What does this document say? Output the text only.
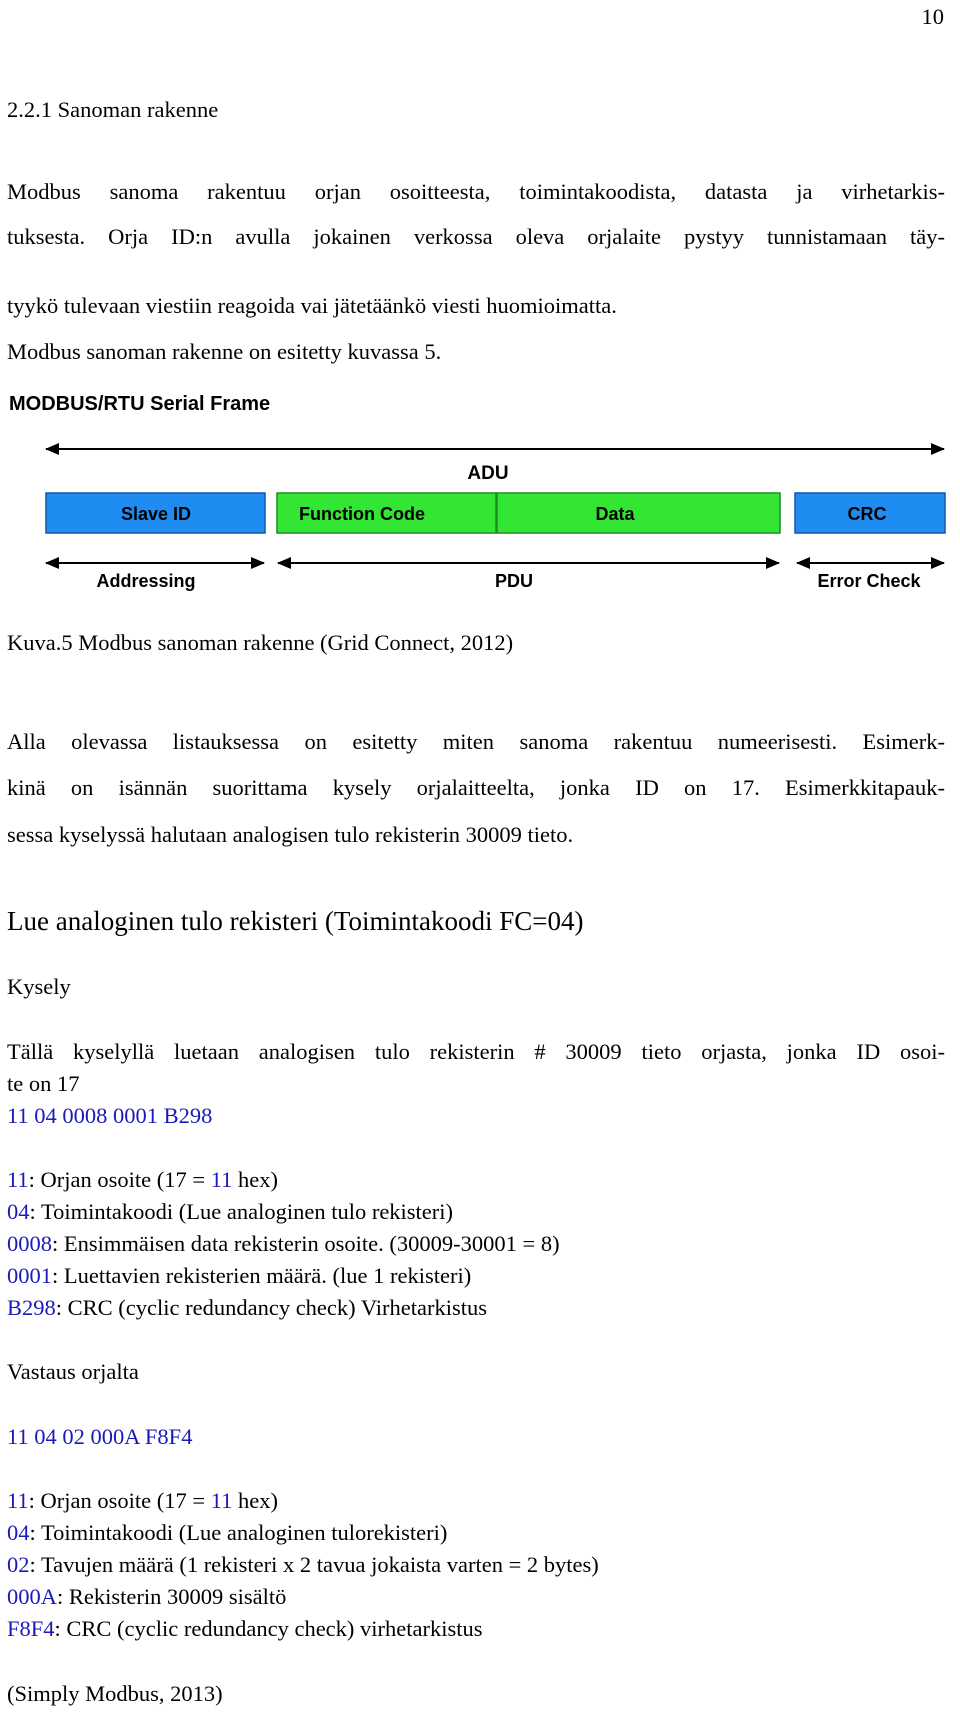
10
2.2.1 Sanoman rakenne
Modbus sanoma rakentuu orjan osoitteesta, toimintakoodista, datasta ja virhetarkis-
tuksesta. Orja ID:n avulla jokainen verkossa oleva orjalaite pystyy tunnistamaan täy-
tyykö tulevaan viestiin reagoida vai jätetäänkö viesti huomioimatta.
Modbus sanoman rakenne on esitetty kuvassa 5.
MODBUS/RTU Serial Frame
ADU
Slave ID	Function Code	Data	CRC
Addressing	PDU	Error Check
Kuva.5 Modbus sanoman rakenne (Grid Connect, 2012)
Alla olevassa listauksessa on esitetty miten sanoma rakentuu numeerisesti. Esimerk-
kinä on isännän suorittama kysely orjalaitteelta, jonka ID on 17. Esimerkkitapauk-
sessa kyselyssä halutaan analogisen tulo rekisterin 30009 tieto.
Lue analoginen tulo rekisteri (Toimintakoodi FC=04)
Kysely
Tällä kyselyllä luetaan analogisen tulo rekisterin # 30009 tieto orjasta, jonka ID osoi-
te on 17
11 04 0008 0001 B298
11: Orjan osoite (17 = 11 hex)
04: Toimintakoodi (Lue analoginen tulo rekisteri)
0008: Ensimmäisen data rekisterin osoite. (30009-30001 = 8)
0001: Luettavien rekisterien määrä. (lue 1 rekisteri)
B298: CRC (cyclic redundancy check) Virhetarkistus
Vastaus orjalta
11 04 02 000A F8F4
11: Orjan osoite (17 = 11 hex)
04: Toimintakoodi (Lue analoginen tulorekisteri)
02: Tavujen määrä (1 rekisteri x 2 tavua jokaista varten = 2 bytes)
000A: Rekisterin 30009 sisältö
F8F4: CRC (cyclic redundancy check) virhetarkistus
(Simply Modbus, 2013)
